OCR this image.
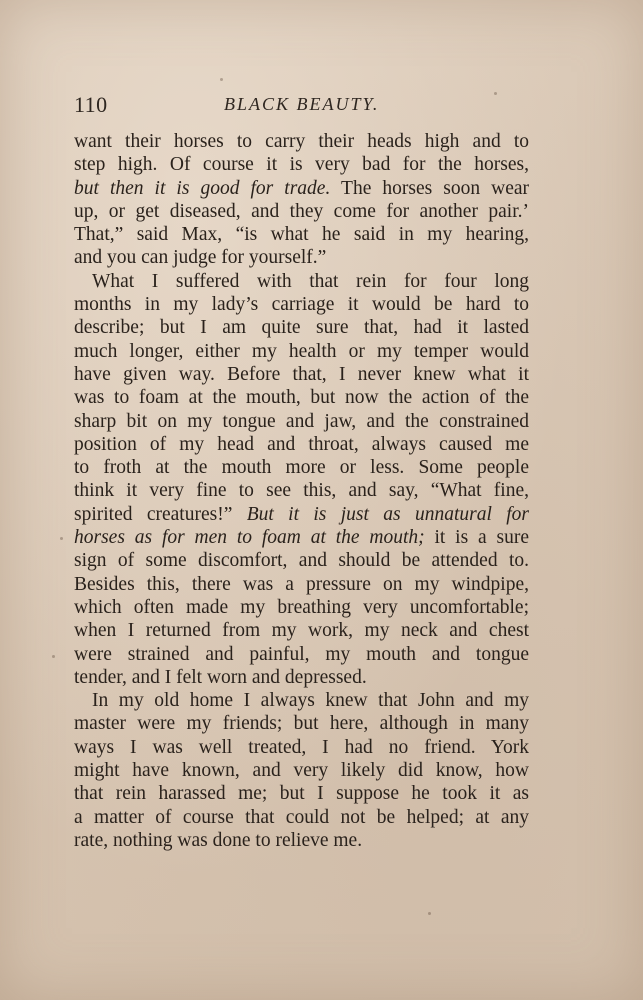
110	BLACK BEAUTY.
want their horses to carry their heads high and to
step high. Of course it is very bad for the horses,
but then it is good for trade. The horses soon wear
up, or get diseased, and they come for another pair.’
That,” said Max, “is what he said in my hearing,
and you can judge for yourself.”
What I suffered with that rein for four long
months in my lady’s carriage it would be hard to
describe; but I am quite sure that, had it lasted
much longer, either my health or my temper would
have given way. Before that, I never knew what it
was to foam at the mouth, but now the action of the
sharp bit on my tongue and jaw, and the constrained
position of my head and throat, always caused me
to froth at the mouth more or less. Some people
think it very fine to see this, and say, “What fine,
spirited creatures!” But it is just as unnatural for
horses as for men to foam at the mouth; it is a sure
sign of some discomfort, and should be attended to.
Besides this, there was a pressure on my windpipe,
which often made my breathing very uncomfortable;
when I returned from my work, my neck and chest
were strained and painful, my mouth and tongue
tender, and I felt worn and depressed.
In my old home I always knew that John and my
master were my friends; but here, although in many
ways I was well treated, I had no friend. York
might have known, and very likely did know, how
that rein harassed me; but I suppose he took it as
a matter of course that could not be helped; at any
rate, nothing was done to relieve me.
